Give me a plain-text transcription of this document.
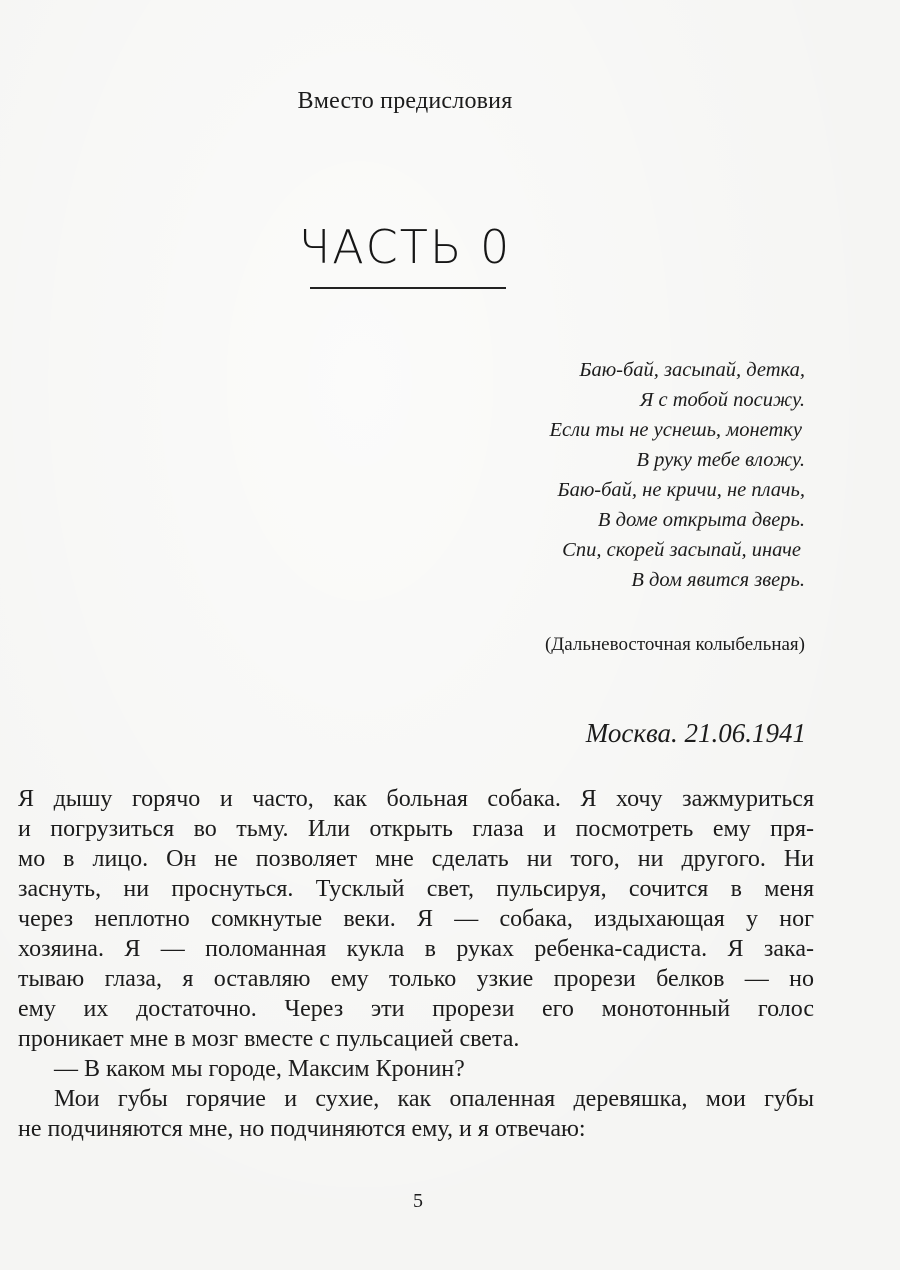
Вместо предисловия
ЧАСТЬ 0
Баю-бай, засыпай, детка,
Я с тобой посижу.
Если ты не уснешь, монетку
В руку тебе вложу.
Баю-бай, не кричи, не плачь,
В доме открыта дверь.
Спи, скорей засыпай, иначе
В дом явится зверь.
(Дальневосточная колыбельная)
Москва. 21.06.1941
Я дышу горячо и часто, как больная собака. Я хочу зажмуриться
и погрузиться во тьму. Или открыть глаза и посмотреть ему пря-
мо в лицо. Он не позволяет мне сделать ни того, ни другого. Ни
заснуть, ни проснуться. Тусклый свет, пульсируя, сочится в меня
через неплотно сомкнутые веки. Я — собака, издыхающая у ног
хозяина. Я — поломанная кукла в руках ребенка-садиста. Я зака-
тываю глаза, я оставляю ему только узкие прорези белков — но
ему их достаточно. Через эти прорези его монотонный голос
проникает мне в мозг вместе с пульсацией света.
— В каком мы городе, Максим Кронин?
Мои губы горячие и сухие, как опаленная деревяшка, мои губы
не подчиняются мне, но подчиняются ему, и я отвечаю:
5
